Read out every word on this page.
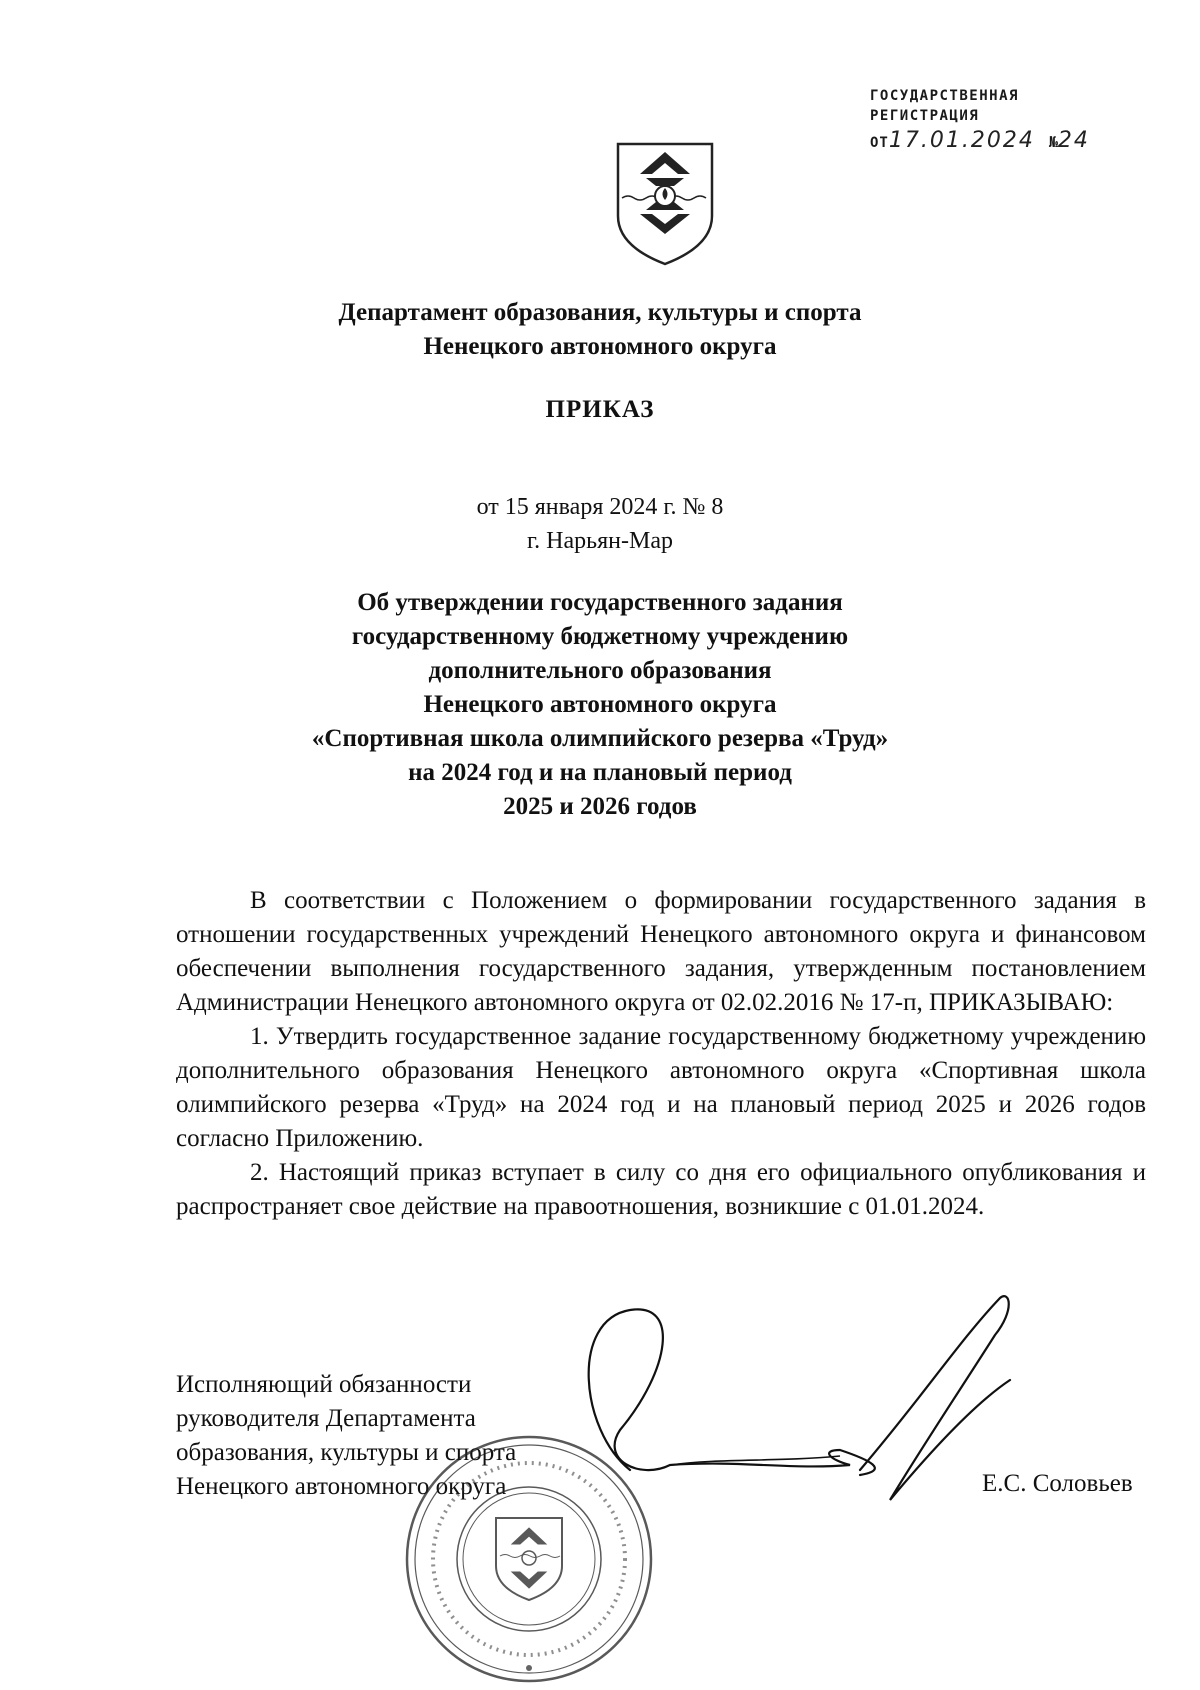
ГОСУДАРСТВЕННАЯ
РЕГИСТРАЦИЯ
ОТ 17.01.2024 № 24
Департамент образования, культуры и спорта
Ненецкого автономного округа
ПРИКАЗ
от 15 января 2024 г. № 8
г. Нарьян-Мар
Об утверждении государственного задания
государственному бюджетному учреждению
дополнительного образования
Ненецкого автономного округа
«Спортивная школа олимпийского резерва «Труд»
на 2024 год и на плановый период
2025 и 2026 годов

В соответствии с Положением о формировании государственного задания в отношении государственных учреждений Ненецкого автономного округа и финансовом обеспечении выполнения государственного задания, утвержденным постановлением Администрации Ненецкого автономного округа от 02.02.2016 № 17-п, ПРИКАЗЫВАЮ:

1. Утвердить государственное задание государственному бюджетному учреждению дополнительного образования Ненецкого автономного округа «Спортивная школа олимпийского резерва «Труд» на 2024 год и на плановый период 2025 и 2026 годов согласно Приложению.

2. Настоящий приказ вступает в силу со дня его официального опубликования и распространяет свое действие на правоотношения, возникшие с 01.01.2024.

Исполняющий обязанности
руководителя Департамента
образования, культуры и спорта
Ненецкого автономного округа	Е.С. Соловьев
